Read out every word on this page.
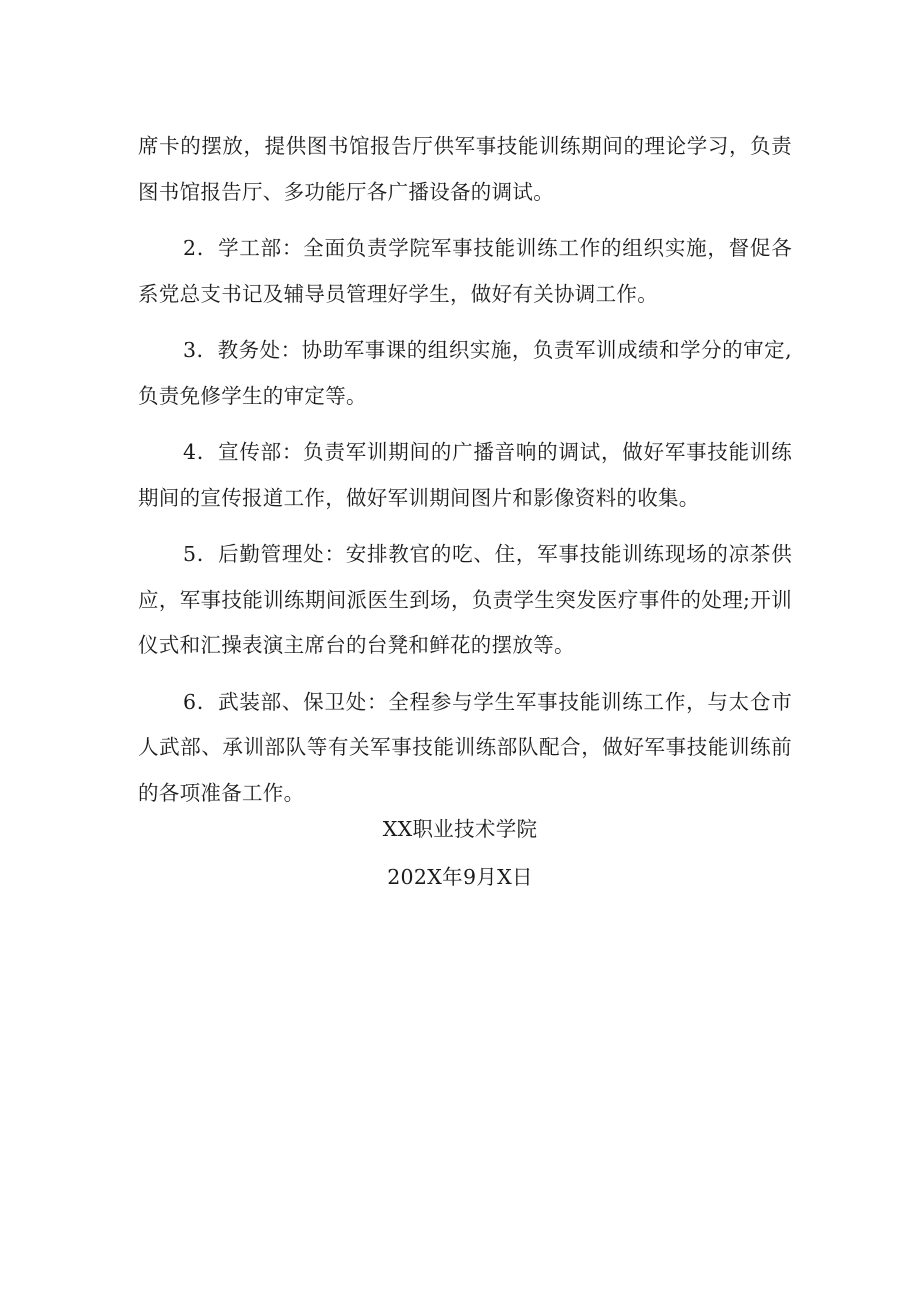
席卡的摆放，提供图书馆报告厅供军事技能训练期间的理论学习，负责图书馆报告厅、多功能厅各广播设备的调试。

2．学工部：全面负责学院军事技能训练工作的组织实施，督促各系党总支书记及辅导员管理好学生，做好有关协调工作。

3．教务处：协助军事课的组织实施，负责军训成绩和学分的审定,负责免修学生的审定等。

4．宣传部：负责军训期间的广播音响的调试，做好军事技能训练期间的宣传报道工作，做好军训期间图片和影像资料的收集。

5．后勤管理处：安排教官的吃、住，军事技能训练现场的凉茶供应，军事技能训练期间派医生到场，负责学生突发医疗事件的处理;开训仪式和汇操表演主席台的台凳和鲜花的摆放等。

6．武装部、保卫处：全程参与学生军事技能训练工作，与太仓市人武部、承训部队等有关军事技能训练部队配合，做好军事技能训练前的各项准备工作。

XX职业技术学院
202X年9月X日
